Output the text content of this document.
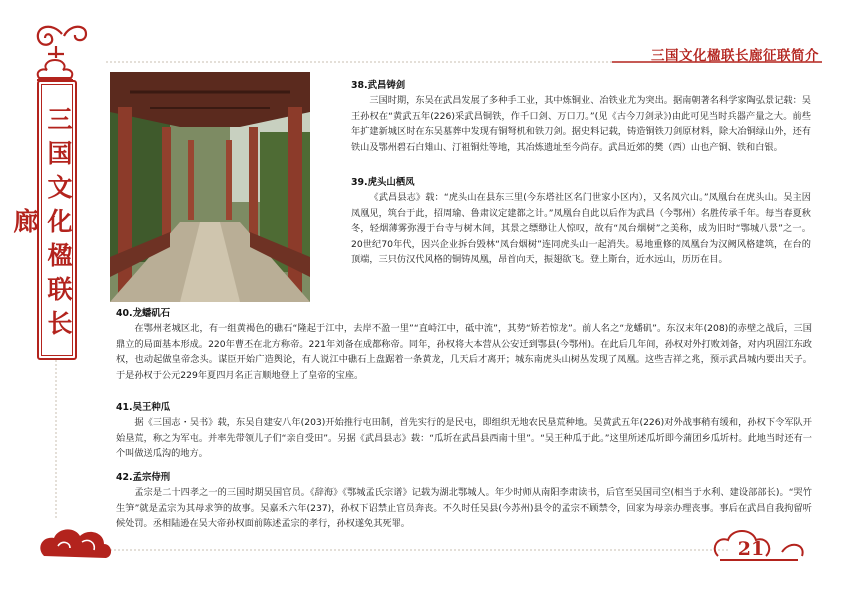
三国文化楹联长廊
三国文化楹联长廊征联简介
38.武昌铸剑

三国时期，东吴在武昌发展了多种手工业，其中炼铜业、冶铁业尤为突出。据南朝著名科学家陶弘景记载：吴王孙权在“黄武五年(226)采武昌铜铁，作千口剑、万口刀。”(见《古今刀剑录》)由此可见当时兵器产量之大。前些年扩建新城区时在东吴墓葬中发现有铜弩机和铁刀剑。据史料记载，铸造铜铁刀剑原材料，除大冶铜绿山外，还有铁山及鄂州碧石白雉山、汀祖铜灶等地，其冶炼遗址至今尚存。武昌近郊的樊（西）山也产铜、铁和白银。

39.虎头山栖凤

《武昌县志》载：“虎头山在县东三里(今东塔社区名门世家小区内），又名凤穴山。”凤凰台在虎头山。吴主因凤凰见，筑台于此，招周瑜、鲁肃议定建都之计。”凤凰台自此以后作为武昌（今鄂州）名胜传承千年。每当春夏秋冬，轻烟薄雾弥漫于台寺与树木间，其景之缥缈让人惊叹，故有“凤台烟树”之美称，成为旧时“鄂城八景”之一。20世纪70年代，因兴企业拆台毁林“凤台烟树”连同虎头山一起消失。易地重修的凤凰台为汉阙风格建筑，在台的顶端，三只仿汉代风格的铜铸凤凰，昂首向天，振翅欲飞。登上斯台，近水远山，历历在目。

40.龙蟠矶石

在鄂州老城区北，有一组黄褐色的礁石“隆起于江中，去岸不盈一里”“直峙江中，砥中流”，其势“矫若惊龙”。前人名之“龙蟠矶”。东汉末年(208)的赤壁之战后，三国鼎立的局面基本形成。220年曹丕在北方称帝。221年刘备在成都称帝。同年，孙权将大本营从公安迁到鄂县(今鄂州)。在此后几年间，孙权对外打败刘备，对内巩固江东政权，也动起做皇帝念头。谋臣开始广造舆论，有人说江中礁石上盘踞着一条黄龙，几天后才离开；城东南虎头山树丛发现了凤凰。这些吉祥之兆，预示武昌城内要出天子。于是孙权于公元229年夏四月名正言顺地登上了皇帝的宝座。

41.吴王种瓜

据《三国志・吴书》载，东吴自建安八年(203)开始推行屯田制，首先实行的是民屯，即组织无地农民垦荒种地。吴黄武五年(226)对外战事稍有缓和，孙权下令军队开始垦荒，称之为军屯。并率先带领儿子们“亲自受田”。另据《武昌县志》载：“瓜圻在武昌县西南十里”。“吴王种瓜于此。”这里所述瓜圻即今蒲团乡瓜圻村。此地当时还有一个叫做送瓜沟的地方。

42.孟宗侍刑

孟宗是二十四孝之一的三国时期吴国官员。《辞海》《鄂城孟氏宗谱》记载为湖北鄂城人。年少时师从南阳李肃读书，后官至吴国司空(相当于水利、建设部部长)。“哭竹生笋”就是孟宗为其母求笋的故事。吴嘉禾六年(237)，孙权下诏禁止官员奔丧。不久时任吴县(今苏州)县令的孟宗不顾禁令，回家为母亲办理丧事。事后在武昌自我拘留听候处罚。丞相陆逊在吴大帝孙权面前陈述孟宗的孝行，孙权遂免其死罪。

21
